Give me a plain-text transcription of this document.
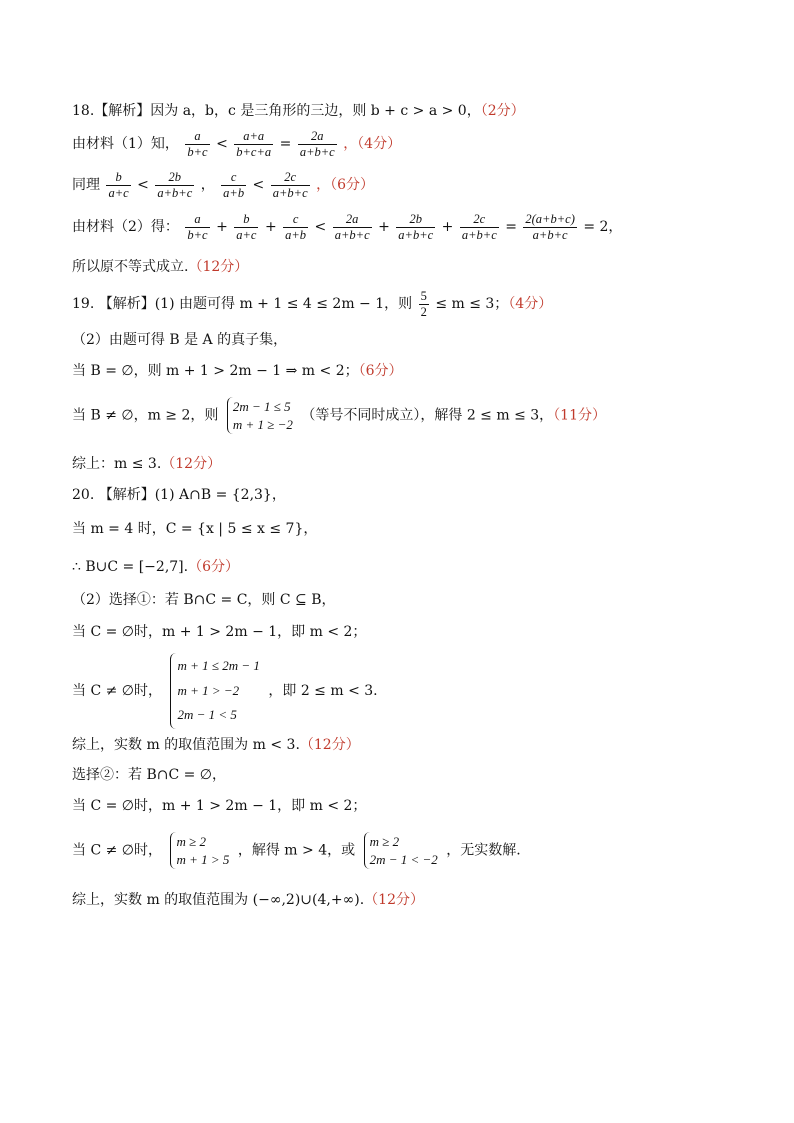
18.【解析】因为 a，b，c 是三角形的三边，则 b + c > a > 0，（2分）
由材料（1）知， $\frac{a}{b+c} < \frac{a+a}{b+c+a} = \frac{2a}{a+b+c}$ ，（4分）
同理 $\frac{b}{a+c} < \frac{2b}{a+b+c}$ ， $\frac{c}{a+b} < \frac{2c}{a+b+c}$ ，（6分）
由材料（2）得： $\frac{a}{b+c} + \frac{b}{a+c} + \frac{c}{a+b} < \frac{2a}{a+b+c} + \frac{2b}{a+b+c} + \frac{2c}{a+b+c} = \frac{2(a+b+c)}{a+b+c} = 2$，
所以原不等式成立.（12分）
19. 【解析】(1) 由题可得 m + 1 ≤ 4 ≤ 2m − 1，则 $\frac{5}{2} \le m \le 3$；（4分）
（2）由题可得 B 是 A 的真子集，
当 B = ∅，则 m + 1 > 2m − 1 ⇒ m < 2；（6分）
当 B ≠ ∅，m ≥ 2，则
2m − 1 ≤ 5
m + 1 ≥ −2
（等号不同时成立），解得 2 ≤ m ≤ 3，（11分）
综上：m ≤ 3.（12分）
20. 【解析】(1) A∩B = {2,3}，
当 m = 4 时，C = {x | 5 ≤ x ≤ 7}，
∴ B∪C = [−2,7].（6分）
（2）选择①：若 B∩C = C，则 C ⊆ B，
当 C = ∅时，m + 1 > 2m − 1，即 m < 2；
当 C ≠ ∅时，
m + 1 ≤ 2m − 1
m + 1 > −2
2m − 1 < 5
，即 2 ≤ m < 3.
综上，实数 m 的取值范围为 m < 3.（12分）
选择②：若 B∩C = ∅，
当 C = ∅时，m + 1 > 2m − 1，即 m < 2；
当 C ≠ ∅时，
m ≥ 2
m + 1 > 5
，解得 m > 4，或
m ≥ 2
2m − 1 < −2
，无实数解.
综上，实数 m 的取值范围为 (−∞,2)∪(4,+∞).（12分）
